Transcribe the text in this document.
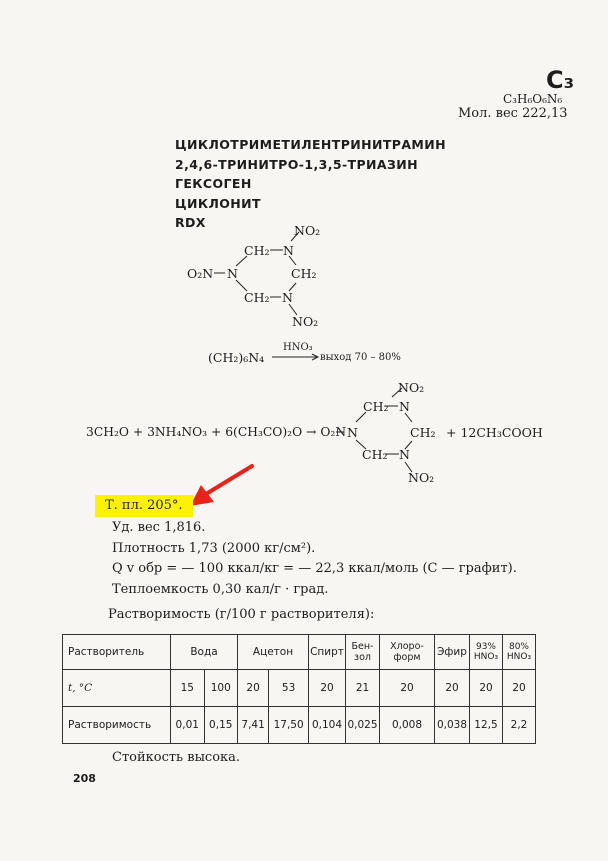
C₃
C₃H₆O₆N₆
Мол. вес 222,13
ЦИКЛОТРИМЕТИЛЕНТРИНИТРАМИН
2,4,6-ТРИНИТРО-1,3,5-ТРИАЗИН
ГЕКСОГЕН
ЦИКЛОНИТ
RDX
NO₂
CH₂ N
O₂N N	CH₂
CH₂ N
NO₂
(CH₂)₆N₄
HNO₃
выход 70 – 80%
NO₂
CH₂ N
3CH₂O + 3NH₄NO₃ + 6(CH₃CO)₂O → O₂N N	CH₂ + 12CH₃COOH
CH₂ N
NO₂
Т. пл. 205°.
Уд. вес 1,816.
Плотность 1,73 (2000 кг/см²).
Q v обр = — 100 ккал/кг = — 22,3 ккал/моль (С — графит).
Теплоемкость 0,30 кал/г · град.
Растворимость (г/100 г растворителя):
Растворитель	Вода		Ацетон		Спирт	Бен- зол	Хлоро- форм	Эфир	93% HNO₃	80% HNO₃
t, °C	15	100	20	53	20	21	20	20	20	20
Растворимость	0,01	0,15	7,41	17,50	0,104	0,025	0,008	0,038	12,5	2,2
Стойкость высока.
208
